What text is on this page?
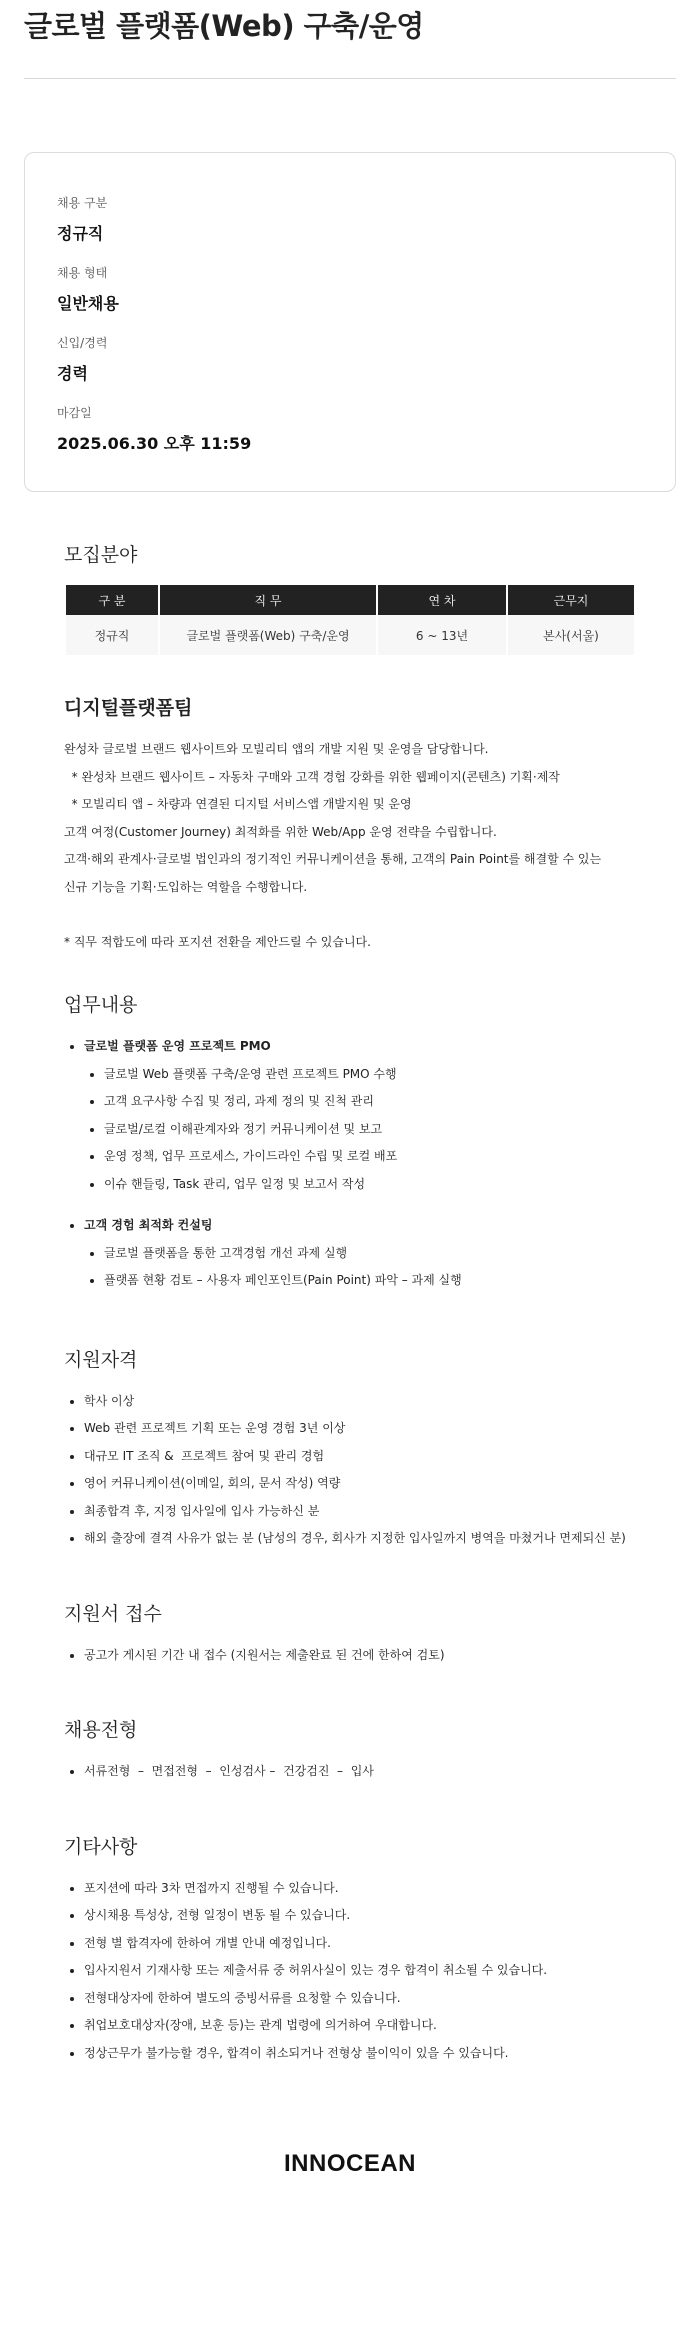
글로벌 플랫폼(Web) 구축/운영
채용 구분
정규직
채용 형태
일반채용
신입/경력
경력
마감일
2025.06.30 오후 11:59
모집분야
구 분	직 무	연 차	근무지
정규직	글로벌 플랫폼(Web) 구축/운영	6 ~ 13년	본사(서울)
디지털플랫폼팀

완성차 글로벌 브랜드 웹사이트와 모빌리티 앱의 개발 지원 및 운영을 담당합니다.

* 완성차 브랜드 웹사이트 – 자동차 구매와 고객 경험 강화를 위한 웹페이지(콘텐츠) 기획·제작

* 모빌리티 앱 – 차량과 연결된 디지털 서비스앱 개발지원 및 운영

고객 여정(Customer Journey) 최적화를 위한 Web/App 운영 전략을 수립합니다.

고객·해외 관계사·글로벌 법인과의 정기적인 커뮤니케이션을 통해, 고객의 Pain Point를 해결할 수 있는

신규 기능을 기획·도입하는 역할을 수행합니다.

* 직무 적합도에 따라 포지션 전환을 제안드릴 수 있습니다.

업무내용
글로벌 플랫폼 운영 프로젝트 PMO
글로벌 Web 플랫폼 구축/운영 관련 프로젝트 PMO 수행
고객 요구사항 수집 및 정리, 과제 정의 및 진척 관리
글로벌/로컬 이해관계자와 정기 커뮤니케이션 및 보고
운영 정책, 업무 프로세스, 가이드라인 수립 및 로컬 배포
이슈 핸들링, Task 관리, 업무 일정 및 보고서 작성
고객 경험 최적화 컨설팅
글로벌 플랫폼을 통한 고객경험 개선 과제 실행
플랫폼 현황 검토 – 사용자 페인포인트(Pain Point) 파악 – 과제 실행
지원자격
학사 이상
Web 관련 프로젝트 기획 또는 운영 경험 3년 이상
대규모 IT 조직 &  프로젝트 참여 및 관리 경험
영어 커뮤니케이션(이메일, 회의, 문서 작성) 역량
최종합격 후, 지정 입사일에 입사 가능하신 분
해외 출장에 결격 사유가 없는 분 (남성의 경우, 회사가 지정한 입사일까지 병역을 마쳤거나 면제되신 분)
지원서 접수
공고가 게시된 기간 내 접수 (지원서는 제출완료 된 건에 한하여 검토)
채용전형
서류전형  –  면접전형  –  인성검사 –  건강검진  –  입사
기타사항
포지션에 따라 3차 면접까지 진행될 수 있습니다.
상시채용 특성상, 전형 일정이 변동 될 수 있습니다.
전형 별 합격자에 한하여 개별 안내 예정입니다.
입사지원서 기재사항 또는 제출서류 중 허위사실이 있는 경우 합격이 취소될 수 있습니다.
전형대상자에 한하여 별도의 증빙서류를 요청할 수 있습니다.
취업보호대상자(장애, 보훈 등)는 관계 법령에 의거하여 우대합니다.
정상근무가 불가능할 경우, 합격이 취소되거나 전형상 불이익이 있을 수 있습니다.
INNOCEAN
